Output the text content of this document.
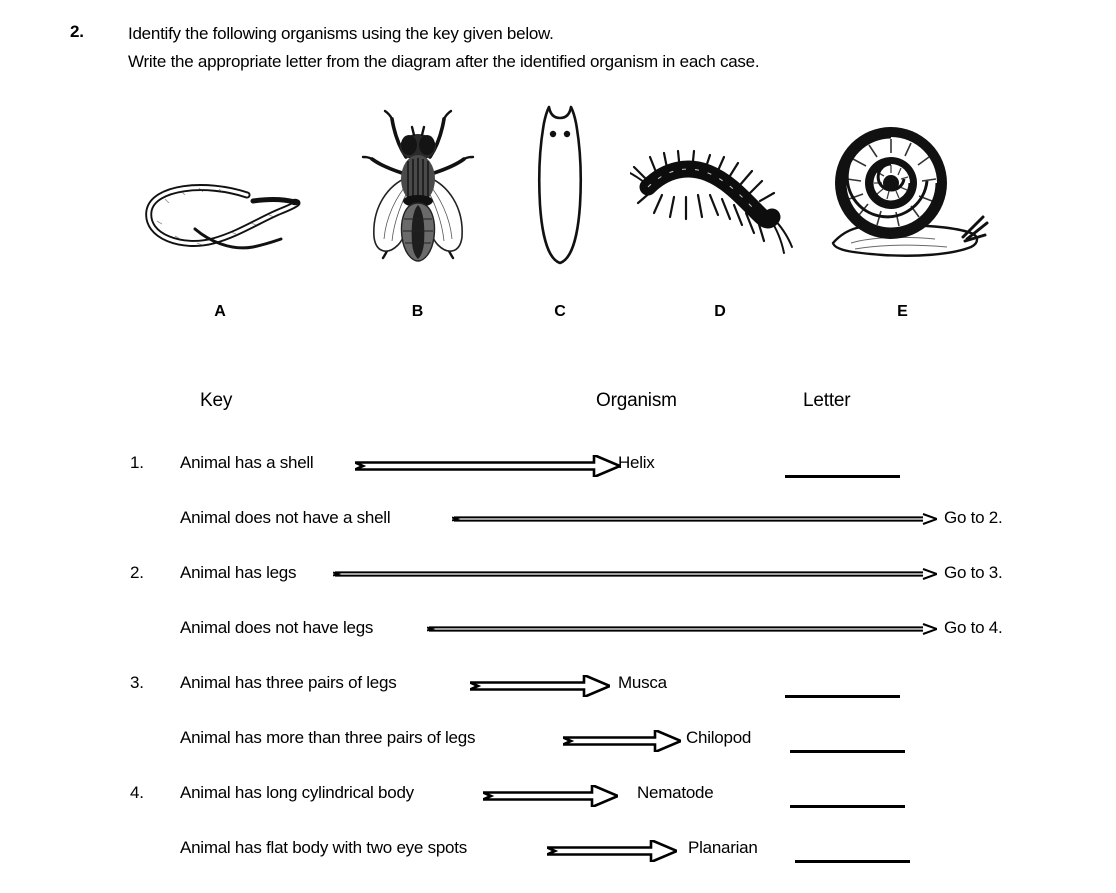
2.	Identify the following organisms using the key given below.
Write the appropriate letter from the diagram after the identified organism in each case.
A	B	C	D	E
Key	Organism	Letter
1. Animal has a shell	Helix
Animal does not have a shell	Go to 2.
2. Animal has legs	Go to 3.
Animal does not have legs	Go to 4.
3. Animal has three pairs of legs	Musca
Animal has more than three pairs of legs	Chilopod
4. Animal has long cylindrical body	Nematode
Animal has flat body with two eye spots	Planarian
